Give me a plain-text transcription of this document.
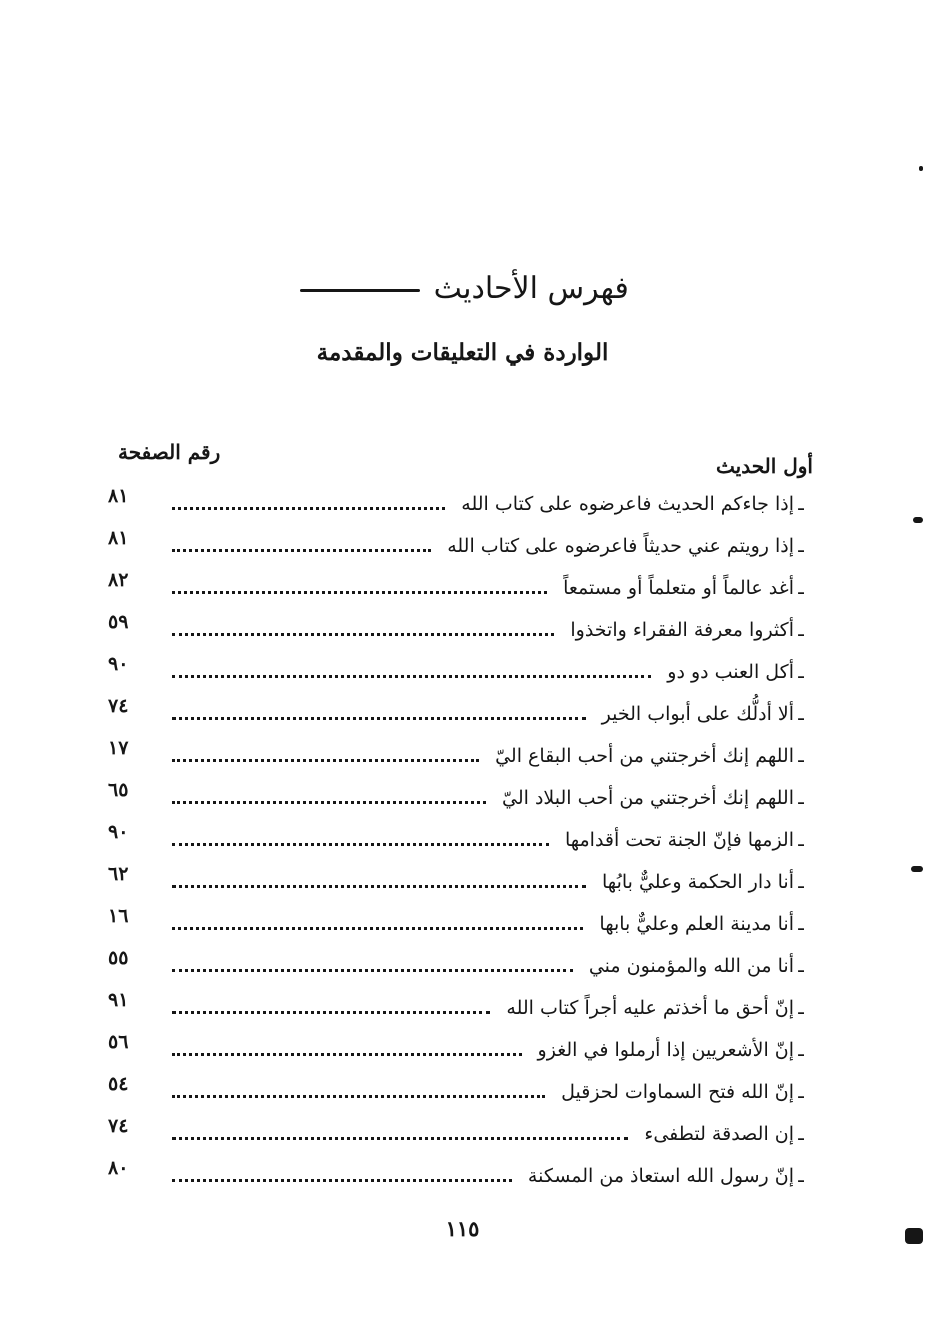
فهرس الأحاديث
الواردة في التعليقات والمقدمة
رقم الصفحة
أول الحديث
ـ
إذا جاءكم الحديث فاعرضوه على كتاب الله
٨١
ـ
إذا رويتم عني حديثاً فاعرضوه على كتاب الله
٨١
ـ
أغد عالماً أو متعلماً أو مستمعاً
٨٢
ـ
أكثروا معرفة الفقراء واتخذوا
٥٩
ـ
أكل العنب دو دو
٩٠
ـ
ألا أدلُّك على أبواب الخير
٧٤
ـ
اللهم إنك أخرجتني من أحب البقاع اليّ
١٧
ـ
اللهم إنك أخرجتني من أحب البلاد اليّ
٦٥
ـ
الزمها فإنّ الجنة تحت أقدامها
٩٠
ـ
أنا دار الحكمة وعليٌّ بابُها
٦٢
ـ
أنا مدينة العلم وعليٌّ بابها
١٦
ـ
أنا من الله والمؤمنون مني
٥٥
ـ
إنّ أحق ما أخذتم عليه أجراً كتاب الله
٩١
ـ
إنّ الأشعريين إذا أرملوا في الغزو
٥٦
ـ
إنّ الله فتح السماوات لحزقيل
٥٤
ـ
إن الصدقة لتطفىء
٧٤
ـ
إنّ رسول الله استعاذ من المسكنة
٨٠
١١٥
